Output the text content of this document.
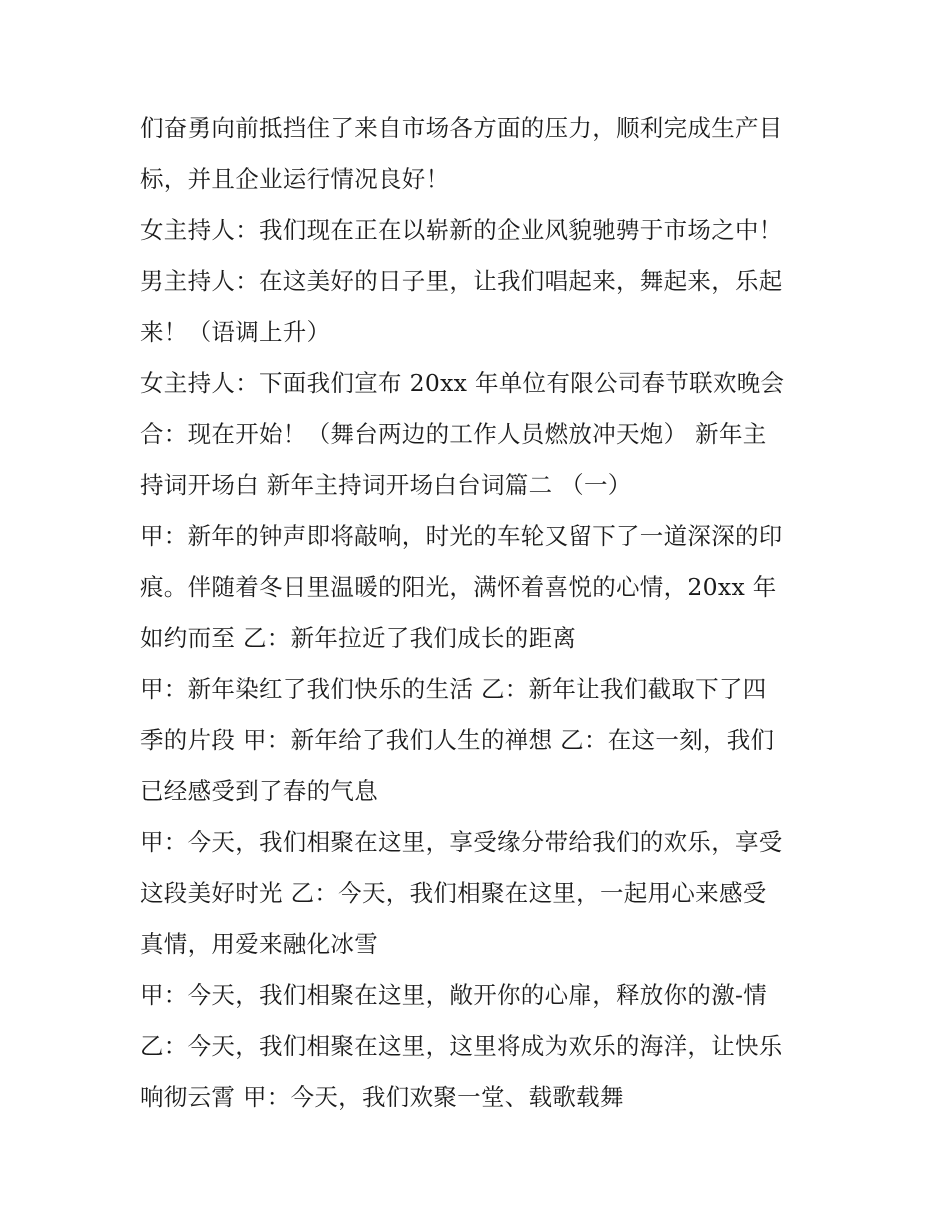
们奋勇向前抵挡住了来自市场各方面的压力，顺利完成生产目
标，并且企业运行情况良好！
女主持人：我们现在正在以崭新的企业风貌驰骋于市场之中！
男主持人：在这美好的日子里，让我们唱起来，舞起来，乐起
来！（语调上升）
女主持人：下面我们宣布 20xx 年单位有限公司春节联欢晚会
合：现在开始！（舞台两边的工作人员燃放冲天炮） 新年主
持词开场白 新年主持词开场白台词篇二 （一）
甲：新年的钟声即将敲响，时光的车轮又留下了一道深深的印
痕。伴随着冬日里温暖的阳光，满怀着喜悦的心情，20xx 年
如约而至 乙：新年拉近了我们成长的距离
甲：新年染红了我们快乐的生活 乙：新年让我们截取下了四
季的片段 甲：新年给了我们人生的禅想 乙：在这一刻，我们
已经感受到了春的气息
甲：今天，我们相聚在这里，享受缘分带给我们的欢乐，享受
这段美好时光 乙：今天，我们相聚在这里，一起用心来感受
真情，用爱来融化冰雪
甲：今天，我们相聚在这里，敞开你的心扉，释放你的激-情
乙：今天，我们相聚在这里，这里将成为欢乐的海洋，让快乐
响彻云霄 甲：今天，我们欢聚一堂、载歌载舞
